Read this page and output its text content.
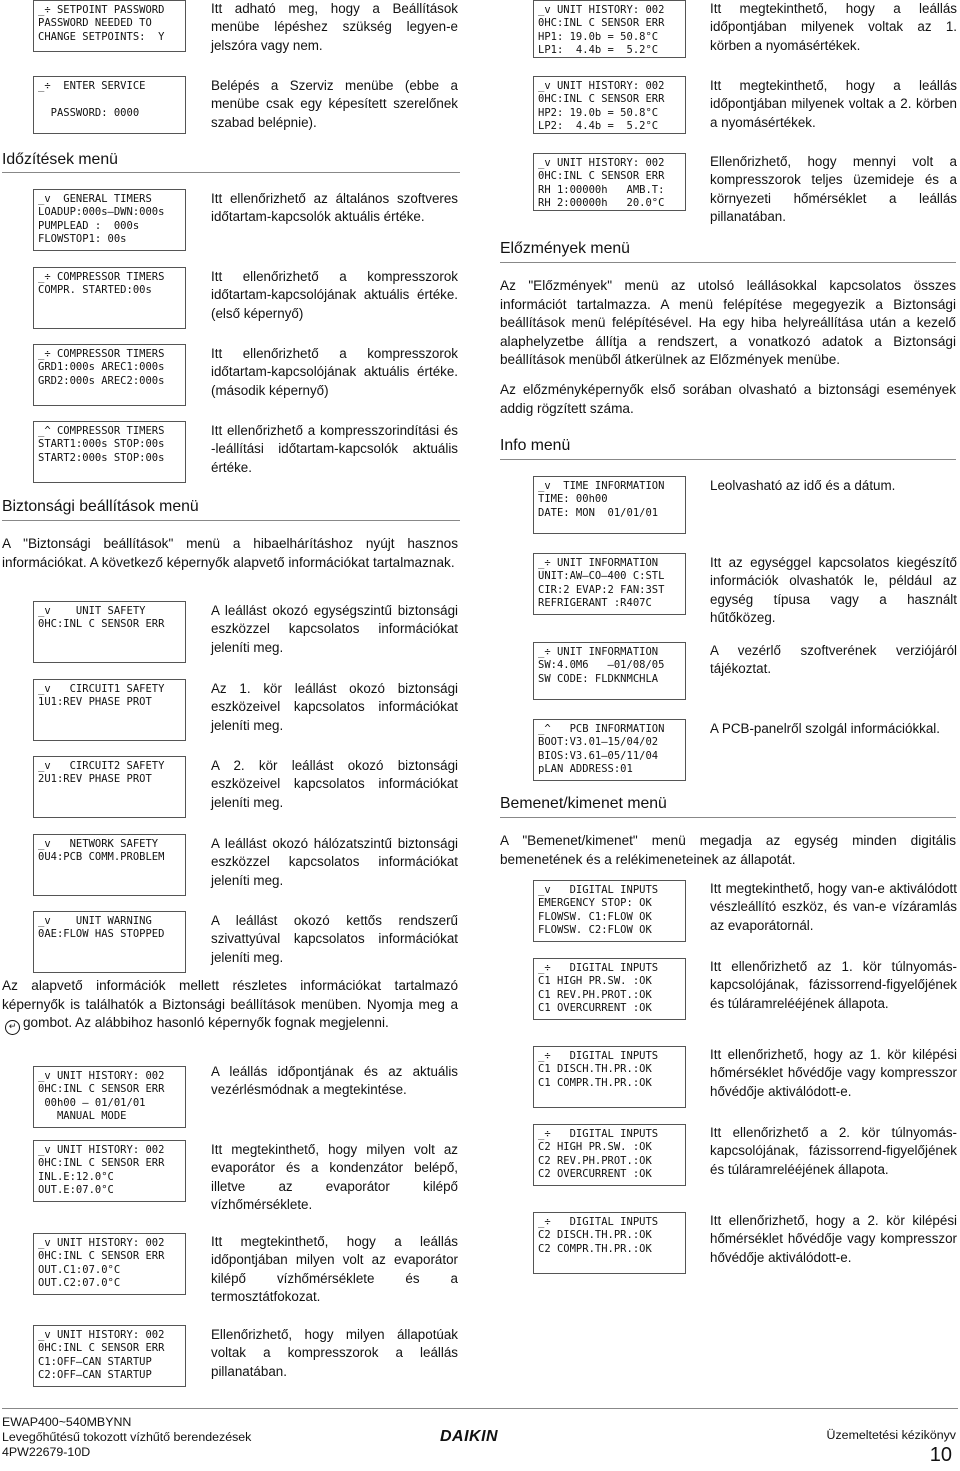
_÷ SETPOINT PASSWORD
PASSWORD NEEDED TO
CHANGE SETPOINTS:  Y
Itt adható meg, hogy a Beállítások menübe lépéshez szükség legyen-e jelszóra vagy nem.
_÷  ENTER SERVICE
PASSWORD: 0000
Belépés a Szerviz menübe (ebbe a menübe csak egy képesített szerelőnek szabad belépnie).
Időzítések menü
_v  GENERAL TIMERS
LOADUP:000s–DWN:000s
PUMPLEAD :  000s
FLOWSTOP1: 00s
Itt ellenőrizhető az általános szoftveres időtartam-kapcsolók aktuális értéke.
_÷ COMPRESSOR TIMERS
COMPR. STARTED:00s
Itt ellenőrizhető a kompresszorok időtartam-kapcsolójának aktuális értéke. (első képernyő)
_÷ COMPRESSOR TIMERS
GRD1:000s AREC1:000s
GRD2:000s AREC2:000s
Itt ellenőrizhető a kompresszorok időtartam-kapcsolójának aktuális értéke. (második képernyő)
_^ COMPRESSOR TIMERS
START1:000s STOP:00s
START2:000s STOP:00s
Itt ellenőrizhető a kompresszorindítási és -leállítási időtartam-kapcsolók aktuális értéke.
Biztonsági beállítások menü
A "Biztonsági beállítások" menü a hibaelhárításhoz nyújt hasznos információkat. A következő képernyők alapvető információkat tartalmaznak.
_v    UNIT SAFETY
0HC:INL C SENSOR ERR
A leállást okozó egységszintű biztonsági eszközzel kapcsolatos információkat jeleníti meg.
_v   CIRCUIT1 SAFETY
1U1:REV PHASE PROT
Az 1. kör leállást okozó biztonsági eszközeivel kapcsolatos információkat jeleníti meg.
_v   CIRCUIT2 SAFETY
2U1:REV PHASE PROT
A 2. kör leállást okozó biztonsági eszközeivel kapcsolatos információkat jeleníti meg.
_v   NETWORK SAFETY
0U4:PCB COMM.PROBLEM
A leállást okozó hálózatszintű biztonsági eszközzel kapcsolatos információkat jeleníti meg.
_v    UNIT WARNING
0AE:FLOW HAS STOPPED
A leállást okozó kettős rendszerű szivattyúval kapcsolatos információkat jeleníti meg.
Az alapvető információk mellett részletes információkat tartalmazó képernyők is találhatók a Biztonsági beállítások menüben. Nyomja meg a↵ gombot. Az alábbihoz hasonló képernyők fognak megjelenni.
_v UNIT HISTORY: 002
0HC:INL C SENSOR ERR
00h00 – 01/01/01
MANUAL MODE
A leállás időpontjának és az aktuális vezérlésmódnak a megtekintése.
_v UNIT HISTORY: 002
0HC:INL C SENSOR ERR
INL.E:12.0°C
OUT.E:07.0°C
Itt megtekinthető, hogy milyen volt az evaporátor és a kondenzátor belépő, illetve az evaporátor kilépő vízhőmérséklete.
_v UNIT HISTORY: 002
0HC:INL C SENSOR ERR
OUT.C1:07.0°C
OUT.C2:07.0°C
Itt megtekinthető, hogy a leállás időpontjában milyen volt az evaporátor kilépő vízhőmérséklete és a termosztátfokozat.
_v UNIT HISTORY: 002
0HC:INL C SENSOR ERR
C1:OFF–CAN STARTUP
C2:OFF–CAN STARTUP
Ellenőrizhető, hogy milyen állapotúak voltak a kompresszorok a leállás pillanatában.
_v UNIT HISTORY: 002
0HC:INL C SENSOR ERR
HP1: 19.0b = 50.8°C
LP1:  4.4b =  5.2°C
Itt megtekinthető, hogy a leállás időpontjában milyenek voltak az 1. körben a nyomásértékek.
_v UNIT HISTORY: 002
0HC:INL C SENSOR ERR
HP2: 19.0b = 50.8°C
LP2:  4.4b =  5.2°C
Itt megtekinthető, hogy a leállás időpontjában milyenek voltak a 2. körben a nyomásértékek.
_v UNIT HISTORY: 002
0HC:INL C SENSOR ERR
RH 1:00000h   AMB.T:
RH 2:00000h   20.0°C
Ellenőrizhető, hogy mennyi volt a kompresszorok teljes üzemideje és a környezeti hőmérséklet a leállás pillanatában.
Előzmények menü
Az "Előzmények" menü az utolsó leállásokkal kapcsolatos összes információt tartalmazza. A menü felépítése megegyezik a Biztonsági beállítások menü felépítésével. Ha egy hiba helyreállítása után a kezelő alaphelyzetbe állítja a rendszert, a vonatkozó adatok a Biztonsági beállítások menüből átkerülnek az Előzmények menübe.
Az előzményképernyők első sorában olvasható a biztonsági események addig rögzített száma.
Info menü
_v  TIME INFORMATION
TIME: 00h00
DATE: MON  01/01/01
Leolvasható az idő és a dátum.
_÷ UNIT INFORMATION
UNIT:AW–CO–400 C:STL
CIR:2 EVAP:2 FAN:3ST
REFRIGERANT :R407C
Itt az egységgel kapcsolatos kiegészítő információk olvashatók le, például az egység típusa vagy a használt hűtőközeg.
_÷ UNIT INFORMATION
SW:4.0M6   –01/08/05
SW CODE: FLDKNMCHLA
A vezérlő szoftverének verziójáról tájékoztat.
_^   PCB INFORMATION
BOOT:V3.01–15/04/02
BIOS:V3.61–05/11/04
pLAN ADDRESS:01
A PCB-panelről szolgál információkkal.
Bemenet/kimenet menü
A "Bemenet/kimenet" menü megadja az egység minden digitális bemenetének és a relékimeneteinek az állapotát.
_v   DIGITAL INPUTS
EMERGENCY STOP: OK
FLOWSW. C1:FLOW OK
FLOWSW. C2:FLOW OK
Itt megtekinthető, hogy van-e aktiválódott vészleállító eszköz, és van-e vízáramlás az evaporátornál.
_÷   DIGITAL INPUTS
C1 HIGH PR.SW. :OK
C1 REV.PH.PROT.:OK
C1 OVERCURRENT :OK
Itt ellenőrizhető az 1. kör túlnyomás-kapcsolójának, fázissorrend-figyelőjének és túláramrelééjének állapota.
_÷   DIGITAL INPUTS
C1 DISCH.TH.PR.:OK
C1 COMPR.TH.PR.:OK
Itt ellenőrizhető, hogy az 1. kör kilépési hőmérséklet hővédője vagy kompresszor hővédője aktiválódott-e.
_÷   DIGITAL INPUTS
C2 HIGH PR.SW. :OK
C2 REV.PH.PROT.:OK
C2 OVERCURRENT :OK
Itt ellenőrizhető a 2. kör túlnyomás-kapcsolójának, fázissorrend-figyelőjének és túláramrelééjének állapota.
_÷   DIGITAL INPUTS
C2 DISCH.TH.PR.:OK
C2 COMPR.TH.PR.:OK
Itt ellenőrizhető, hogy a 2. kör kilépési hőmérséklet hővédője vagy kompresszor hővédője aktiválódott-e.
EWAP400~540MBYNN
Levegőhűtésű tokozott vízhűtő berendezések
4PW22679-10D
DAIKIN	Üzemeltetési kézikönyv
10
